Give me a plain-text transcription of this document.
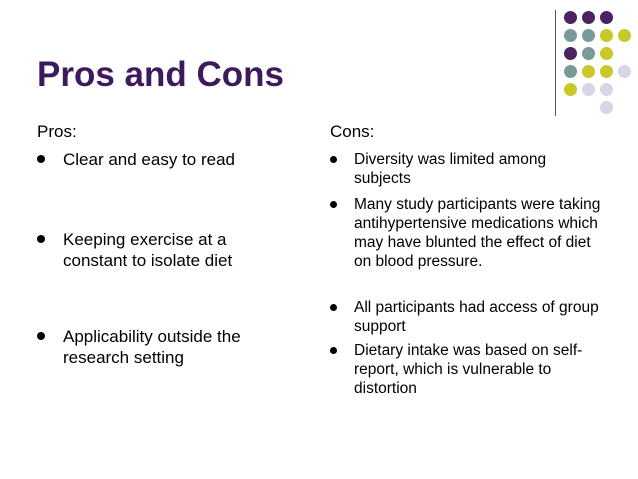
Pros and Cons
Pros:
Clear and easy to read
Keeping exercise at a constant to isolate diet
Applicability outside the research setting
Cons:
Diversity was limited among subjects
Many study participants were taking antihypertensive medications which may have blunted the effect of diet on blood pressure.
All participants had access of group support
Dietary intake was based on self-report, which is vulnerable to distortion
